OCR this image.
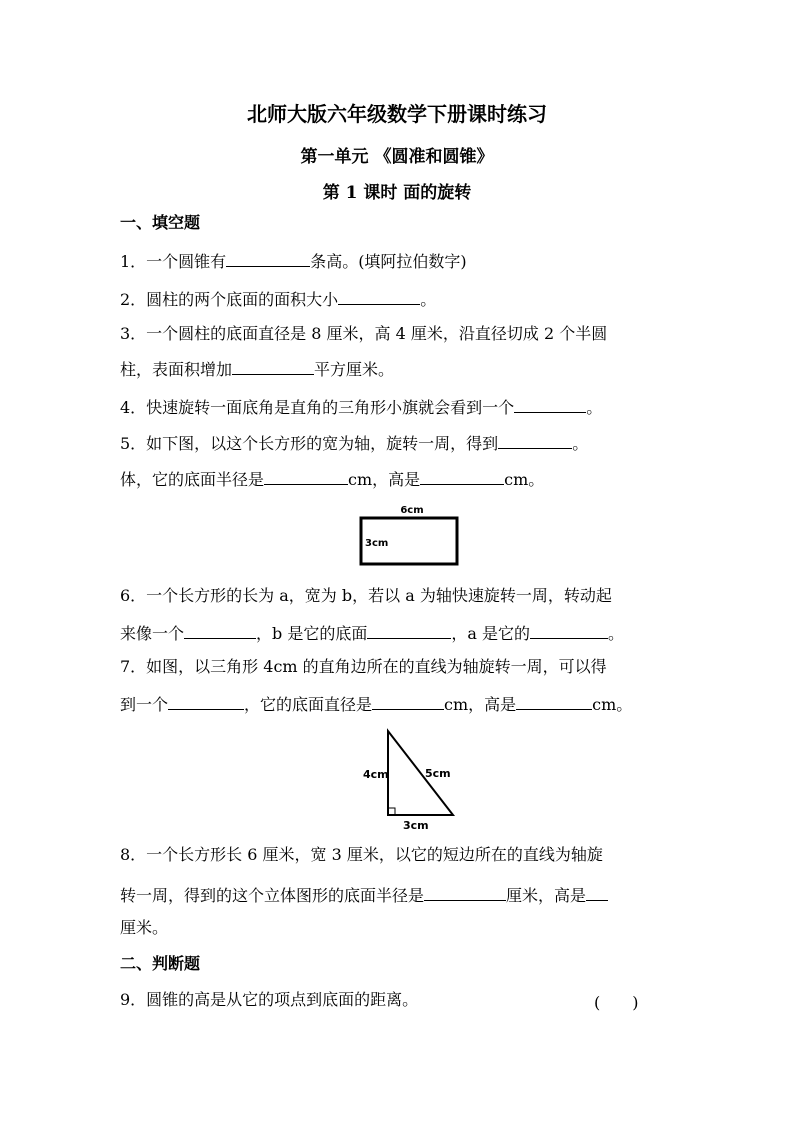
北师大版六年级数学下册课时练习
第一单元 《圆准和圆锥》
第 1 课时 面的旋转
一、填空题
1．一个圆锥有	条高。(填阿拉伯数字)
2．圆柱的两个底面的面积大小	。
3．一个圆柱的底面直径是 8 厘米，高 4 厘米，沿直径切成 2 个半圆
柱，表面积增加	平方厘米。
4．快速旋转一面底角是直角的三角形小旗就会看到一个	。
5．如下图，以这个长方形的宽为轴，旋转一周，得到	。
体，它的底面半径是	cm，高是	cm。
6cm
3cm
6．一个长方形的长为 a，宽为 b，若以 a 为轴快速旋转一周，转动起
来像一个	，b 是它的底面	，a 是它的	。
7．如图，以三角形 4cm 的直角边所在的直线为轴旋转一周，可以得
到一个	，它的底面直径是	cm，高是	cm。
4cm	5cm
3cm
8．一个长方形长 6 厘米，宽 3 厘米，以它的短边所在的直线为轴旋
转一周，得到的这个立体图形的底面半径是	厘米，高是
厘米。
二、判断题
9．圆锥的高是从它的项点到底面的距离。	(　　)
